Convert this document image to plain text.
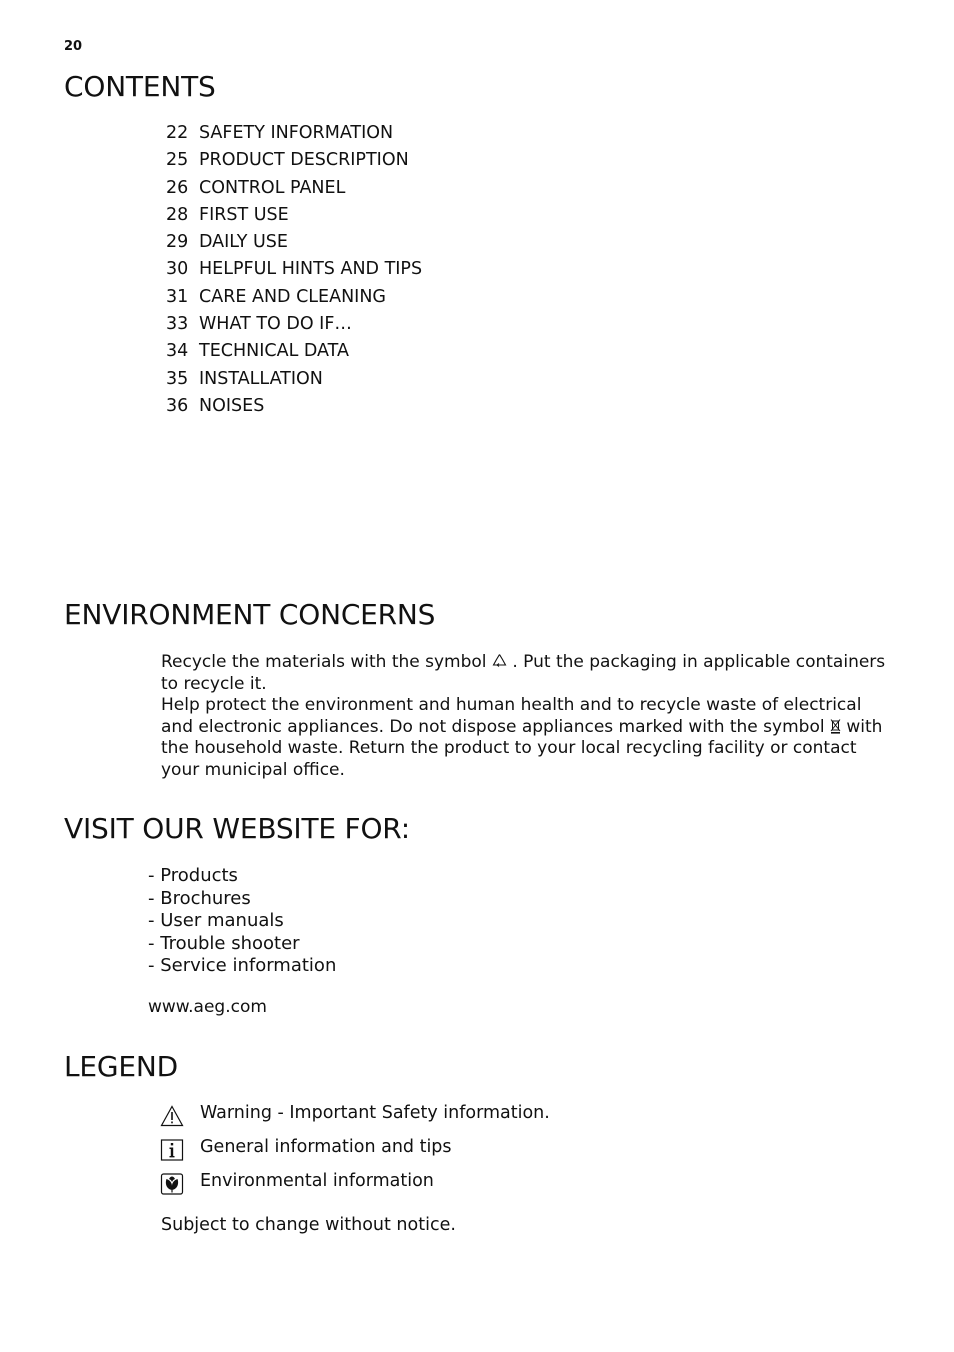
20
CONTENTS
22 SAFETY INFORMATION
25 PRODUCT DESCRIPTION
26 CONTROL PANEL
28 FIRST USE
29 DAILY USE
30 HELPFUL HINTS AND TIPS
31 CARE AND CLEANING
33 WHAT TO DO IF…
34 TECHNICAL DATA
35 INSTALLATION
36 NOISES
ENVIRONMENT CONCERNS
Recycle the materials with the symbol  . Put the packaging in applicable containers to recycle it.
Help protect the environment and human health and to recycle waste of electrical and electronic appliances. Do not dispose appliances marked with the symbol  with the household waste. Return the product to your local recycling facility or contact your municipal office.
VISIT OUR WEBSITE FOR:
- Products
- Brochures
- User manuals
- Trouble shooter
- Service information
www.aeg.com
LEGEND
Warning - Important Safety information.
General information and tips
Environmental information
Subject to change without notice.
